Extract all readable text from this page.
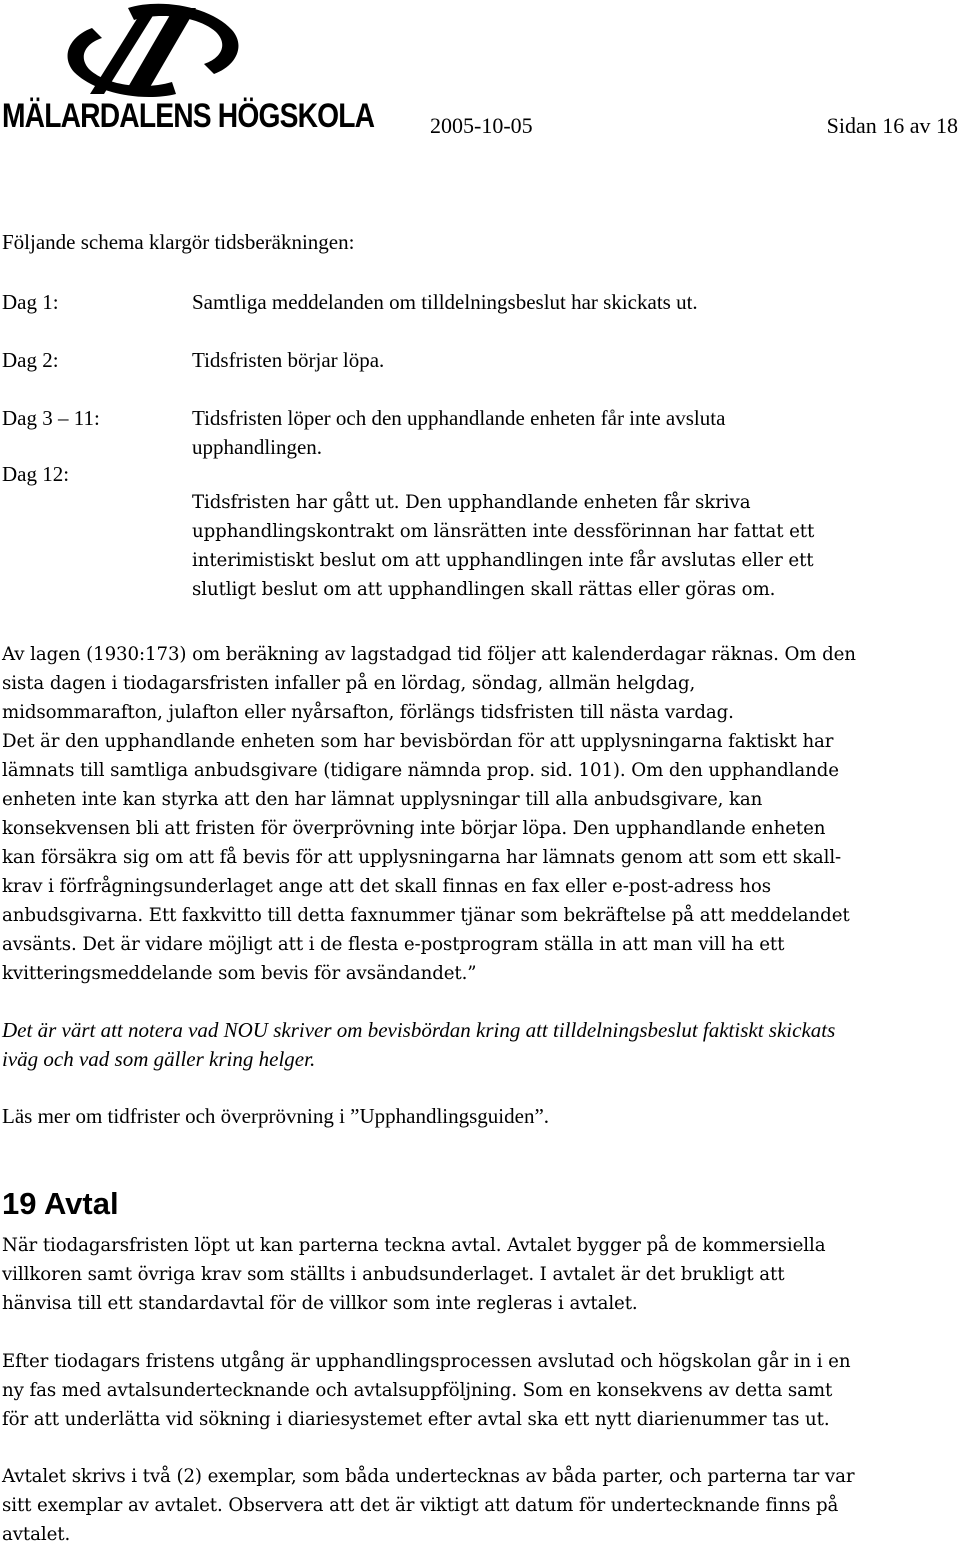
MÄLARDALENS HÖGSKOLA	2005-10-05	Sidan 16 av 18
Följande schema klargör tidsberäkningen:
Dag 1:
Dag 2:
Dag 3 – 11:
Dag 12:
Samtliga meddelanden om tilldelningsbeslut har skickats ut.
Tidsfristen börjar löpa.
Tidsfristen löper och den upphandlande enheten får inte avsluta
upphandlingen.
Tidsfristen har gått ut. Den upphandlande enheten får skriva
upphandlingskontrakt om länsrätten inte dessförinnan har fattat ett
interimistiskt beslut om att upphandlingen inte får avslutas eller ett
slutligt beslut om att upphandlingen skall rättas eller göras om.
Av lagen (1930:173) om beräkning av lagstadgad tid följer att kalenderdagar räknas. Om den
sista dagen i tiodagarsfristen infaller på en lördag, söndag, allmän helgdag,
midsommarafton, julafton eller nyårsafton, förlängs tidsfristen till nästa vardag.
Det är den upphandlande enheten som har bevisbördan för att upplysningarna faktiskt har
lämnats till samtliga anbudsgivare (tidigare nämnda prop. sid. 101). Om den upphandlande
enheten inte kan styrka att den har lämnat upplysningar till alla anbudsgivare, kan
konsekvensen bli att fristen för överprövning inte börjar löpa. Den upphandlande enheten
kan försäkra sig om att få bevis för att upplysningarna har lämnats genom att som ett skall-
krav i förfrågningsunderlaget ange att det skall finnas en fax eller e-post-adress hos
anbudsgivarna. Ett faxkvitto till detta faxnummer tjänar som bekräftelse på att meddelandet
avsänts. Det är vidare möjligt att i de flesta e-postprogram ställa in att man vill ha ett
kvitteringsmeddelande som bevis för avsändandet.”
Det är värt att notera vad NOU skriver om bevisbördan kring att tilldelningsbeslut faktiskt skickats
iväg och vad som gäller kring helger.
Läs mer om tidfrister och överprövning i ”Upphandlingsguiden”.
19 Avtal
När tiodagarsfristen löpt ut kan parterna teckna avtal. Avtalet bygger på de kommersiella
villkoren samt övriga krav som ställts i anbudsunderlaget. I avtalet är det brukligt att
hänvisa till ett standardavtal för de villkor som inte regleras i avtalet.
Efter tiodagars fristens utgång är upphandlingsprocessen avslutad och högskolan går in i en
ny fas med avtalsundertecknande och avtalsuppföljning. Som en konsekvens av detta samt
för att underlätta vid sökning i diariesystemet efter avtal ska ett nytt diarienummer tas ut.
Avtalet skrivs i två (2) exemplar, som båda undertecknas av båda parter, och parterna tar var
sitt exemplar av avtalet. Observera att det är viktigt att datum för undertecknande finns på
avtalet.
